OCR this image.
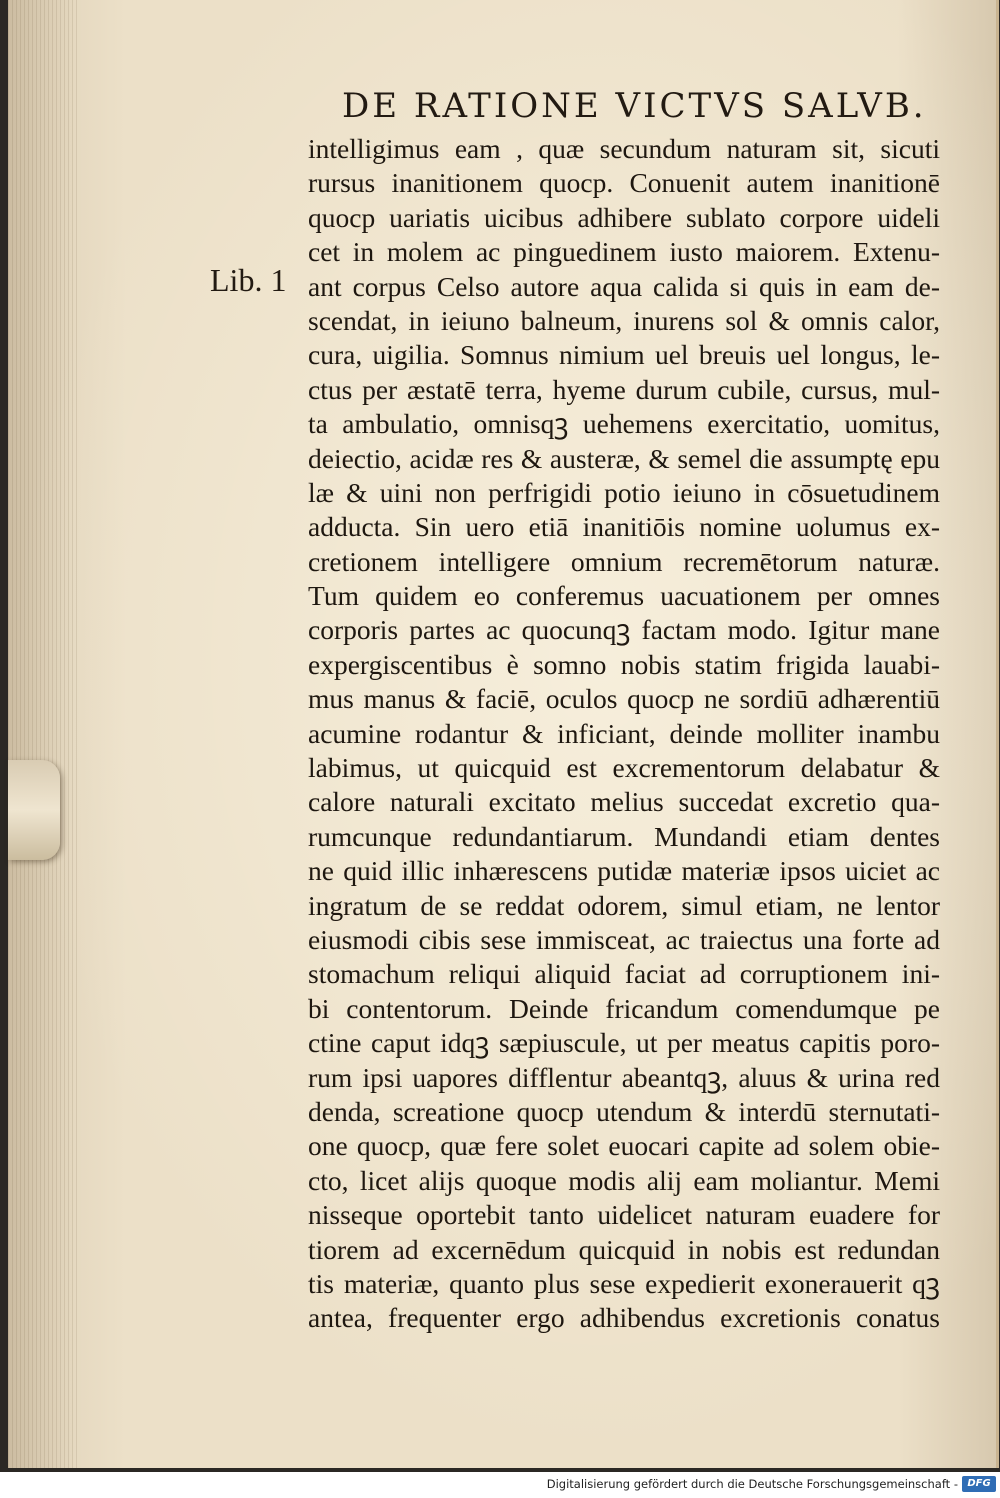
DE RATIONE VICTVS SALVB.
Lib. 1
intelligimus eam , quæ secundum naturam sit, sicuti
rursus inanitionem quocp. Conuenit autem inanitionē
quocp uariatis uicibus adhibere sublato corpore uideli
cet in molem ac pinguedinem iusto maiorem. Extenu-
ant corpus Celso autore aqua calida si quis in eam de-
scendat, in ieiuno balneum, inurens sol & omnis calor,
cura, uigilia. Somnus nimium uel breuis uel longus, le-
ctus per æstatē terra, hyeme durum cubile, cursus, mul-
ta ambulatio, omnisqꝫ uehemens exercitatio, uomitus,
deiectio, acidæ res & austeræ, & semel die assumptę epu
læ & uini non perfrigidi potio ieiuno in cōsuetudinem
adducta. Sin uero etiā inanitiōis nomine uolumus ex-
cretionem intelligere omnium recremētorum naturæ.
Tum quidem eo conferemus uacuationem per omnes
corporis partes ac quocunqꝫ factam modo. Igitur mane
expergiscentibus è somno nobis statim frigida lauabi-
mus manus & faciē, oculos quocp ne sordiū adhærentiū
acumine rodantur & inficiant, deinde molliter inambu
labimus, ut quicquid est excrementorum delabatur &
calore naturali excitato melius succedat excretio qua-
rumcunque redundantiarum. Mundandi etiam dentes
ne quid illic inhærescens putidæ materiæ ipsos uiciet ac
ingratum de se reddat odorem, simul etiam, ne lentor
eiusmodi cibis sese immisceat, ac traiectus una forte ad
stomachum reliqui aliquid faciat ad corruptionem ini-
bi contentorum. Deinde fricandum comendumque pe
ctine caput idqꝫ sæpiuscule, ut per meatus capitis poro-
rum ipsi uapores difflentur abeantqꝫ, aluus & urina red
denda, screatione quocp utendum & interdū sternutati-
one quocp, quæ fere solet euocari capite ad solem obie-
cto, licet alijs quoque modis alij eam moliantur. Memi
nisseque oportebit tanto uidelicet naturam euadere for
tiorem ad excernēdum quicquid in nobis est redundan
tis materiæ, quanto plus sese expedierit exonerauerit qꝫ
antea, frequenter ergo adhibendus excretionis conatus
Digitalisierung gefördert durch die Deutsche Forschungsgemeinschaft - DFG
